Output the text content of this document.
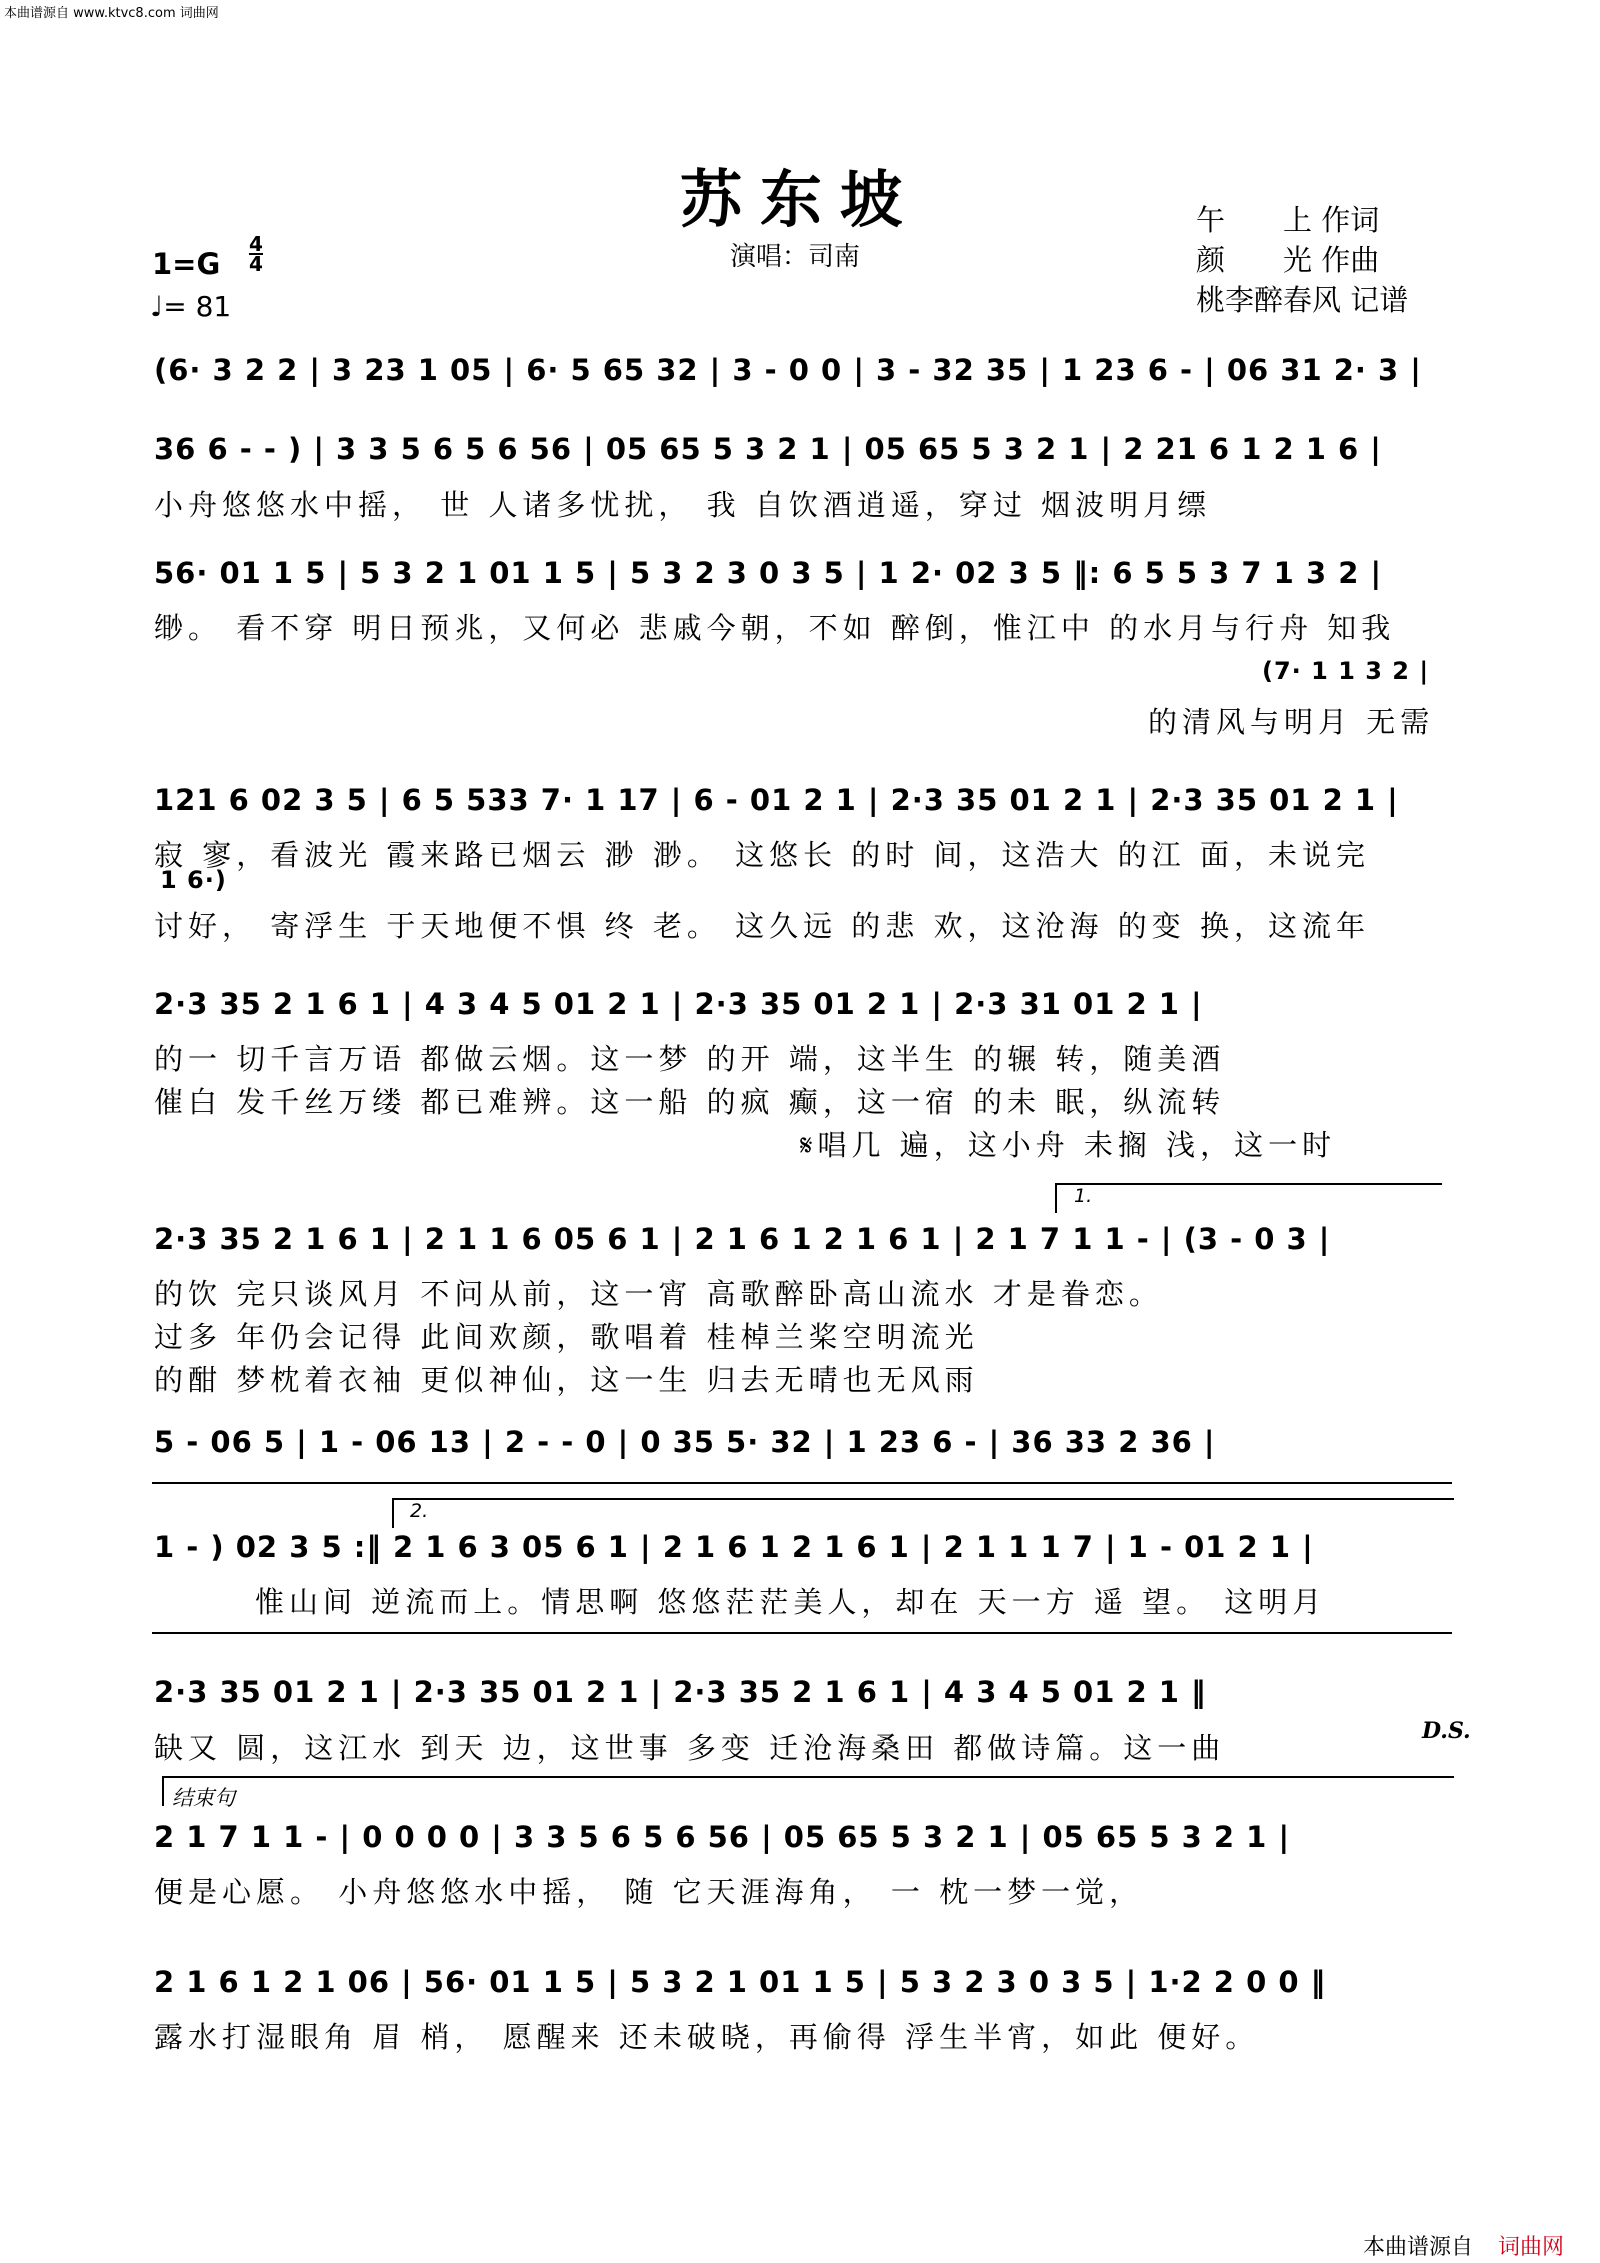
本曲谱源自 www.ktvc8.com 词曲网
苏东坡
演唱：司南
午　　上 作词
颜　　光 作曲
桃李醉春风 记谱
1=G
4
4
♩= 81
(6· 3 2 2 | 3 23 1 05 | 6· 5 65 32 | 3 - 0 0 | 3 - 32 35 | 1 23 6 - | 06 31 2· 3 |
36 6 - - ) | 3 3 5 6 5 6 56 | 05 65 5 3 2 1 | 05 65 5 3 2 1 | 2 21 6 1 2 1 6 |
小舟悠悠水中摇， 世 人诸多忧扰， 我 自饮酒逍遥，穿过 烟波明月缥
56· 01 1 5 | 5 3 2 1 01 1 5 | 5 3 2 3 0 3 5 | 1 2· 02 3 5 ‖: 6 5 5 3 7 1 3 2 |
缈。 看不穿 明日预兆，又何必 悲戚今朝，不如 醉倒，惟江中 的水月与行舟 知我
(7· 1 1 3 2 |
的清风与明月 无需
121 6 02 3 5 | 6 5 533 7· 1 17 | 6 - 01 2 1 | 2·3 35 01 2 1 | 2·3 35 01 2 1 |
寂 寥，看波光 霞来路已烟云 渺 渺。 这悠长 的时 间，这浩大 的江 面，未说完
1 6·)
讨好， 寄浮生 于天地便不惧 终 老。 这久远 的悲 欢，这沧海 的变 换，这流年
2·3 35 2 1 6 1 | 4 3 4 5 01 2 1 | 2·3 35 01 2 1 | 2·3 31 01 2 1 |
的一 切千言万语 都做云烟。这一梦 的开 端，这半生 的辗 转，随美酒
催白 发千丝万缕 都已难辨。这一船 的疯 癫，这一宿 的未 眠，纵流转
𝄋唱几 遍，这小舟 未搁 浅，这一时
1.
2·3 35 2 1 6 1 | 2 1 1 6 05 6 1 | 2 1 6 1 2 1 6 1 | 2 1 7 1 1 - | (3 - 0 3 |
的饮 完只谈风月 不问从前，这一宵 高歌醉卧高山流水 才是眷恋。
过多 年仍会记得 此间欢颜，歌唱着 桂棹兰桨空明流光
的酣 梦枕着衣袖 更似神仙，这一生 归去无晴也无风雨
5 - 06 5 | 1 - 06 13 | 2 - - 0 | 0 35 5· 32 | 1 23 6 - | 36 33 2 36 |
2.
1 - ) 02 3 5 :‖ 2 1 6 3 05 6 1 | 2 1 6 1 2 1 6 1 | 2 1 1 1 7 | 1 - 01 2 1 |
惟山间 逆流而上。情思啊 悠悠茫茫美人，却在 天一方 遥 望。 这明月
2·3 35 01 2 1 | 2·3 35 01 2 1 | 2·3 35 2 1 6 1 | 4 3 4 5 01 2 1 ‖
缺又 圆，这江水 到天 边，这世事 多变 迁沧海桑田 都做诗篇。这一曲	D.S.
结束句
2 1 7 1 1 - | 0 0 0 0 | 3 3 5 6 5 6 56 | 05 65 5 3 2 1 | 05 65 5 3 2 1 |
便是心愿。 小舟悠悠水中摇， 随 它天涯海角， 一 枕一梦一觉，
2 1 6 1 2 1 06 | 56· 01 1 5 | 5 3 2 1 01 1 5 | 5 3 2 3 0 3 5 | 1·2 2 0 0 ‖
露水打湿眼角 眉 梢， 愿醒来 还未破晓，再偷得 浮生半宵，如此 便好。
本曲谱源自 词曲网
